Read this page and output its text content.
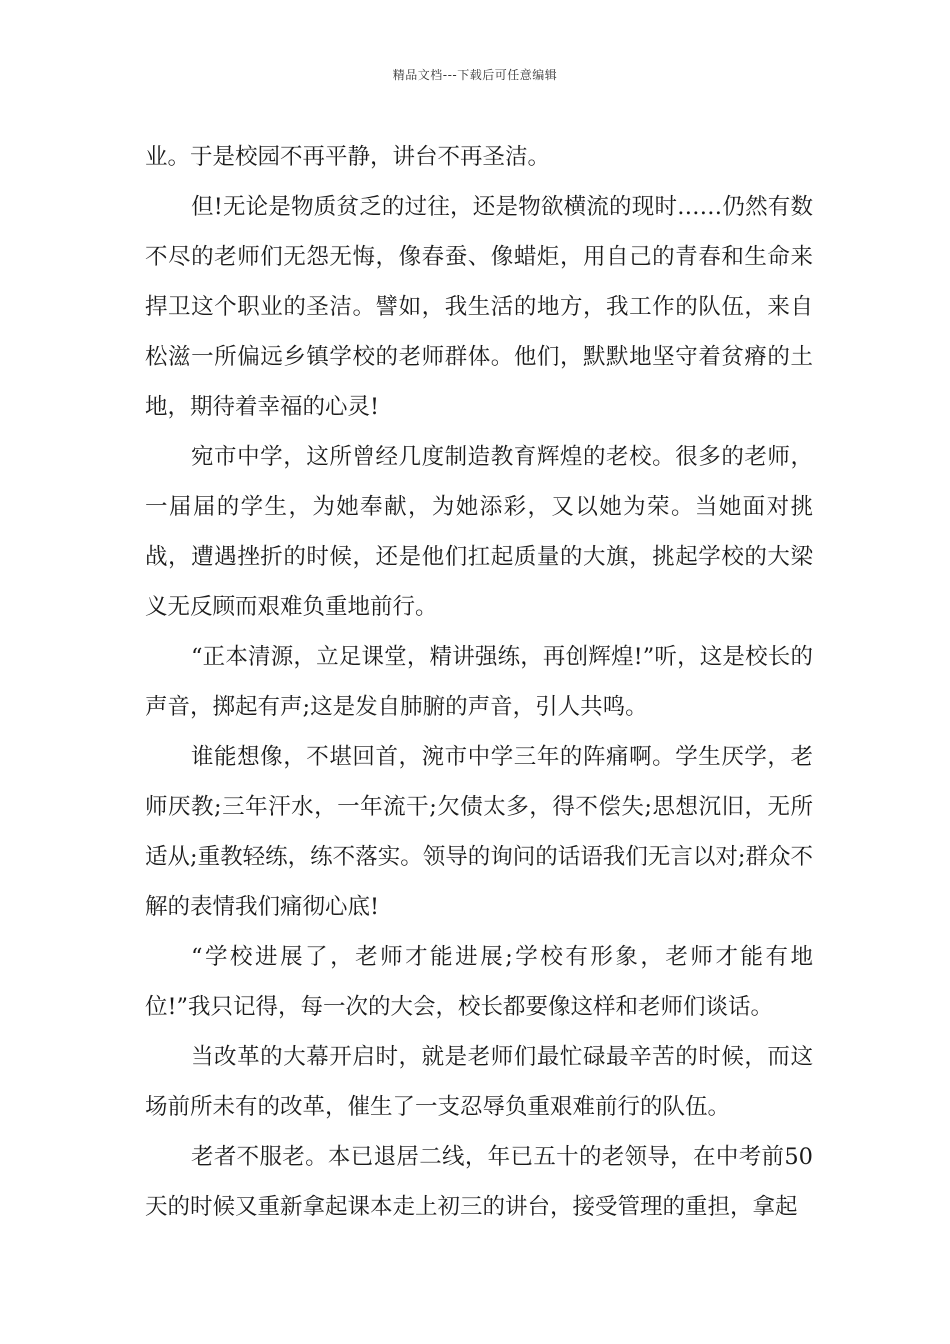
精品文档---下载后可任意编辑

业。于是校园不再平静，讲台不再圣洁。

但!无论是物质贫乏的过往，还是物欲横流的现时……仍然有数不尽的老师们无怨无悔，像春蚕、像蜡炬，用自己的青春和生命来捍卫这个职业的圣洁。譬如，我生活的地方，我工作的队伍，来自松滋一所偏远乡镇学校的老师群体。他们，默默地坚守着贫瘠的土地，期待着幸福的心灵!

宛市中学，这所曾经几度制造教育辉煌的老校。很多的老师，一届届的学生，为她奉献，为她添彩，又以她为荣。当她面对挑战，遭遇挫折的时候，还是他们扛起质量的大旗，挑起学校的大梁义无反顾而艰难负重地前行。

“正本清源，立足课堂，精讲强练，再创辉煌!”听，这是校长的声音，掷起有声;这是发自肺腑的声音，引人共鸣。

谁能想像，不堪回首，涴市中学三年的阵痛啊。学生厌学，老师厌教;三年汗水，一年流干;欠债太多，得不偿失;思想沉旧，无所适从;重教轻练，练不落实。领导的询问的话语我们无言以对;群众不解的表情我们痛彻心底!

“学校进展了，老师才能进展;学校有形象，老师才能有地位!”我只记得，每一次的大会，校长都要像这样和老师们谈话。

当改革的大幕开启时，就是老师们最忙碌最辛苦的时候，而这场前所未有的改革，催生了一支忍辱负重艰难前行的队伍。

老者不服老。本已退居二线，年已五十的老领导，在中考前50天的时候又重新拿起课本走上初三的讲台，接受管理的重担，拿起
